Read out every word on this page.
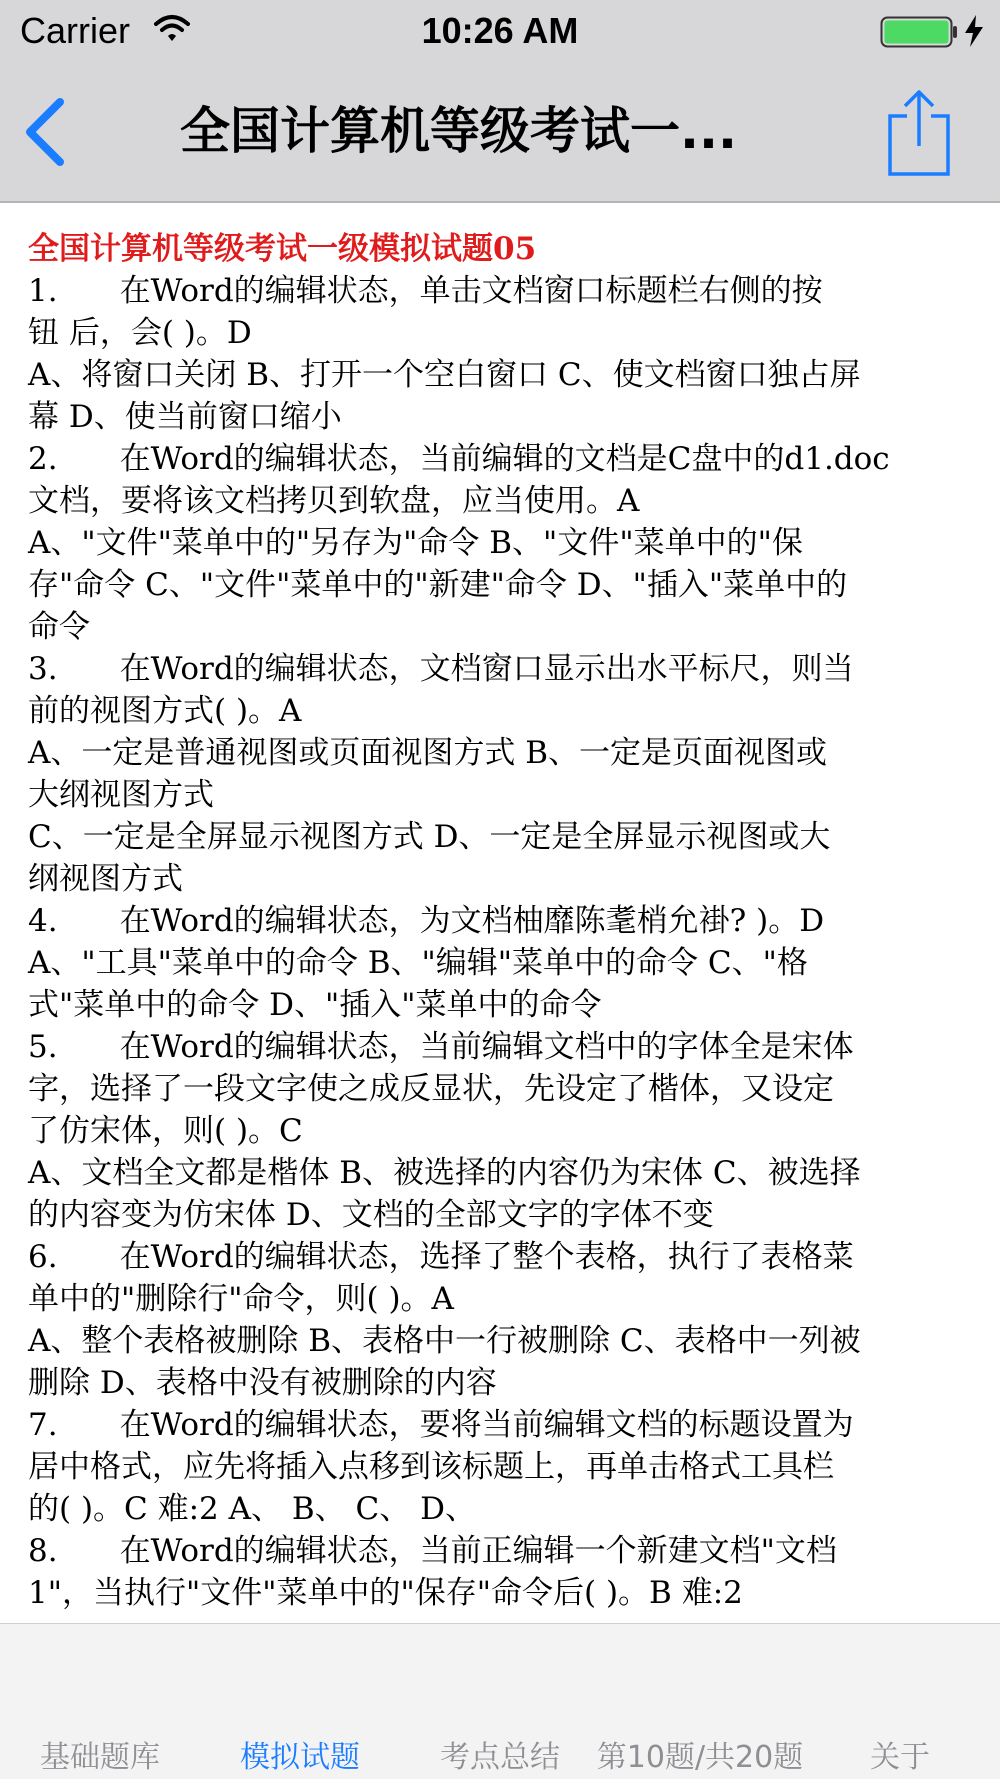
Carrier	10:26 AM
全国计算机等级考试一...
全国计算机等级考试一级模拟试题05
1.　　在Word的编辑状态，单击文档窗口标题栏右侧的按
钮 后，会( )。D
A、将窗口关闭 B、打开一个空白窗口 C、使文档窗口独占屏
幕 D、使当前窗口缩小
2.　　在Word的编辑状态，当前编辑的文档是C盘中的d1.doc
文档，要将该文档拷贝到软盘，应当使用。A
A、"文件"菜单中的"另存为"命令 B、"文件"菜单中的"保
存"命令 C、"文件"菜单中的"新建"命令 D、"插入"菜单中的
命令
3.　　在Word的编辑状态，文档窗口显示出水平标尺，则当
前的视图方式( )。A
A、一定是普通视图或页面视图方式 B、一定是页面视图或
大纲视图方式
C、一定是全屏显示视图方式 D、一定是全屏显示视图或大
纲视图方式
4.　　在Word的编辑状态，为文档柚靡陈耄梢允褂? )。D
A、"工具"菜单中的命令 B、"编辑"菜单中的命令 C、"格
式"菜单中的命令 D、"插入"菜单中的命令
5.　　在Word的编辑状态，当前编辑文档中的字体全是宋体
字，选择了一段文字使之成反显状，先设定了楷体，又设定
了仿宋体，则( )。C
A、文档全文都是楷体 B、被选择的内容仍为宋体 C、被选择
的内容变为仿宋体 D、文档的全部文字的字体不变
6.　　在Word的编辑状态，选择了整个表格，执行了表格菜
单中的"删除行"命令，则( )。A
A、整个表格被删除 B、表格中一行被删除 C、表格中一列被
删除 D、表格中没有被删除的内容
7.　　在Word的编辑状态，要将当前编辑文档的标题设置为
居中格式，应先将插入点移到该标题上，再单击格式工具栏
的( )。C 难:2 A、 B、 C、 D、
8.　　在Word的编辑状态，当前正编辑一个新建文档"文档
1"，当执行"文件"菜单中的"保存"命令后( )。B 难:2
基础题库	模拟试题	考点总结	第10题/共20题	关于
